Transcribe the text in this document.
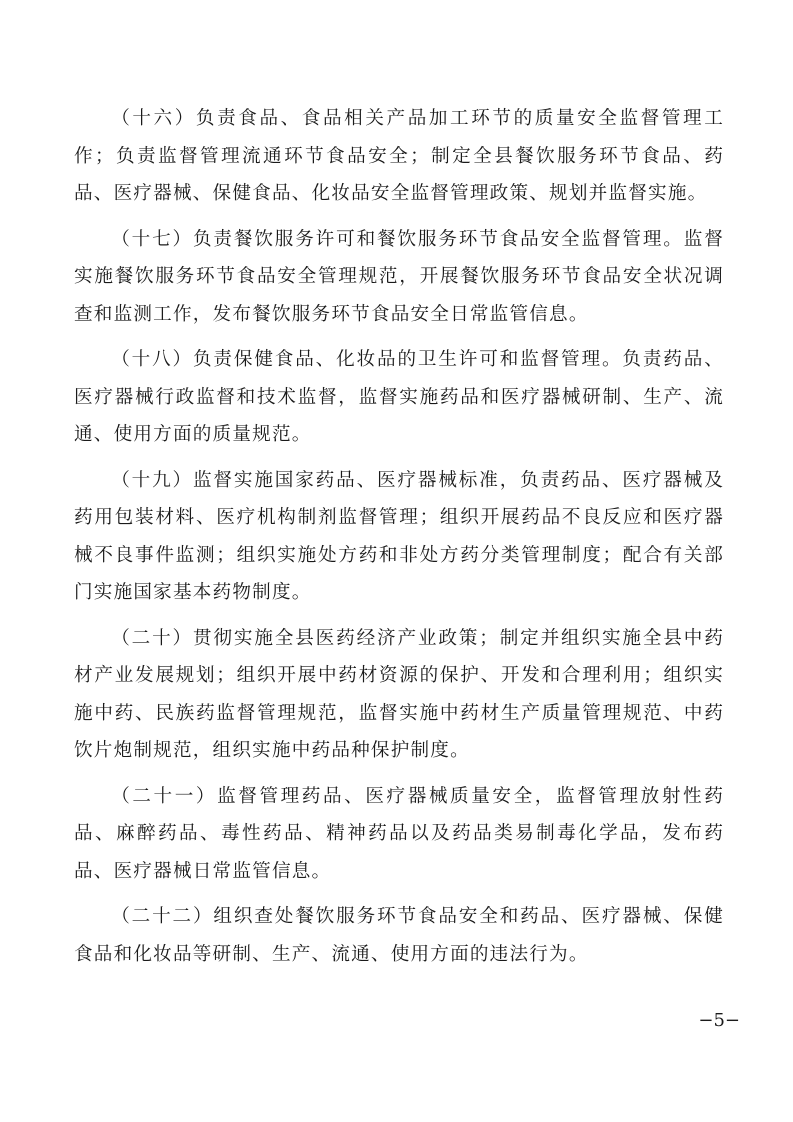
（十六）负责食品、食品相关产品加工环节的质量安全监督管理工作；负责监督管理流通环节食品安全；制定全县餐饮服务环节食品、药品、医疗器械、保健食品、化妆品安全监督管理政策、规划并监督实施。

（十七）负责餐饮服务许可和餐饮服务环节食品安全监督管理。监督实施餐饮服务环节食品安全管理规范，开展餐饮服务环节食品安全状况调查和监测工作，发布餐饮服务环节食品安全日常监管信息。

（十八）负责保健食品、化妆品的卫生许可和监督管理。负责药品、医疗器械行政监督和技术监督，监督实施药品和医疗器械研制、生产、流通、使用方面的质量规范。

（十九）监督实施国家药品、医疗器械标准，负责药品、医疗器械及药用包装材料、医疗机构制剂监督管理；组织开展药品不良反应和医疗器械不良事件监测；组织实施处方药和非处方药分类管理制度；配合有关部门实施国家基本药物制度。

（二十）贯彻实施全县医药经济产业政策；制定并组织实施全县中药材产业发展规划；组织开展中药材资源的保护、开发和合理利用；组织实施中药、民族药监督管理规范，监督实施中药材生产质量管理规范、中药饮片炮制规范，组织实施中药品种保护制度。

（二十一）监督管理药品、医疗器械质量安全，监督管理放射性药品、麻醉药品、毒性药品、精神药品以及药品类易制毒化学品，发布药品、医疗器械日常监管信息。

（二十二）组织查处餐饮服务环节食品安全和药品、医疗器械、保健食品和化妆品等研制、生产、流通、使用方面的违法行为。

−5−
